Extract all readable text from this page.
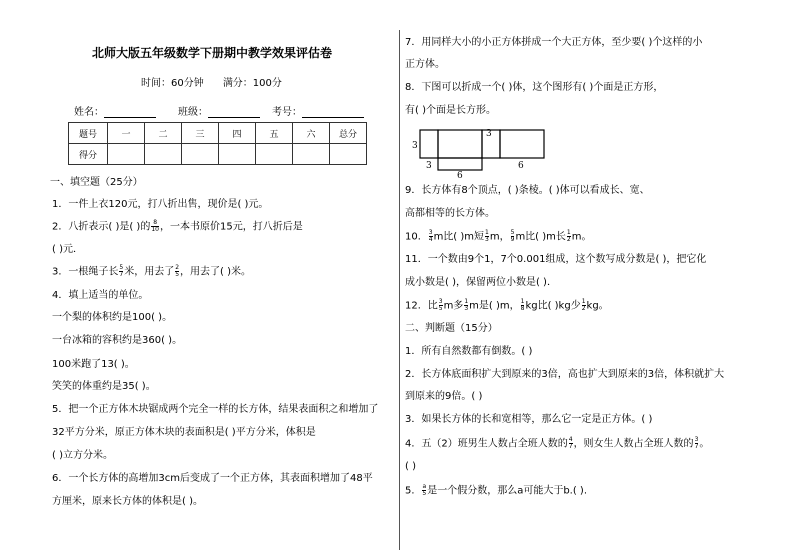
北师大版五年级数学下册期中教学效果评估卷
时间：60分钟 满分：100分
姓名：	班级：	考号：
题号	一	二	三	四	五	六	总分
得分							
一、填空题（25分）
1．一件上衣120元，打八折出售，现价是( )元。
2．八折表示( )是( )的 $\frac{8}{10}$ ，一本书原价15元，打八折后是
( )元．
3．一根绳子长 $\frac{5}{7}$ 米，用去了 $\frac{2}{5}$ ，用去了( )米。
4．填上适当的单位。
一个梨的体积约是100( )。
一台冰箱的容积约是360( )。
100米跑了13( )。
笑笑的体重约是35( )。
5．把一个正方体木块锯成两个完全一样的长方体，结果表面积之和增加了
32平方分米，原正方体木块的表面积是( )平方分米，体积是
( )立方分米。
6．一个长方体的高增加3cm后变成了一个正方体，其表面积增加了48平
方厘米，原来长方体的体积是( )。
7．用同样大小的小正方体拼成一个大正方体，至少要( )个这样的小
正方体。
8．下图可以折成一个( )体，这个图形有( )个面是正方形，
有( )个面是长方形。
3
3
3
6
6
9．长方体有8个顶点，( )条棱。( )体可以看成长、宽、
高都相等的长方体。
10． $\frac{3}{4}$ m比( )m短 $\frac{1}{3}$ m， $\frac{5}{9}$ m比( )m长 $\frac{1}{2}$ m。
11．一个数由9个1，7个0.001组成，这个数写成分数是( )，把它化
成小数是( )，保留两位小数是( )．
12．比 $\frac{3}{5}$ m多 $\frac{1}{3}$ m是( )m， $\frac{1}{8}$ kg比( )kg少 $\frac{1}{2}$ kg。
二、判断题（15分）
1．所有自然数都有倒数。( )
2．长方体底面积扩大到原来的3倍，高也扩大到原来的3倍，体积就扩大
到原来的9倍。( )
3．如果长方体的长和宽相等，那么它一定是正方体。( )
4．五（2）班男生人数占全班人数的 $\frac{4}{7}$ ，则女生人数占全班人数的 $\frac{3}{7}$ 。
( )
5． $\frac{a}{5}$ 是一个假分数，那么a可能大于b.( ).
